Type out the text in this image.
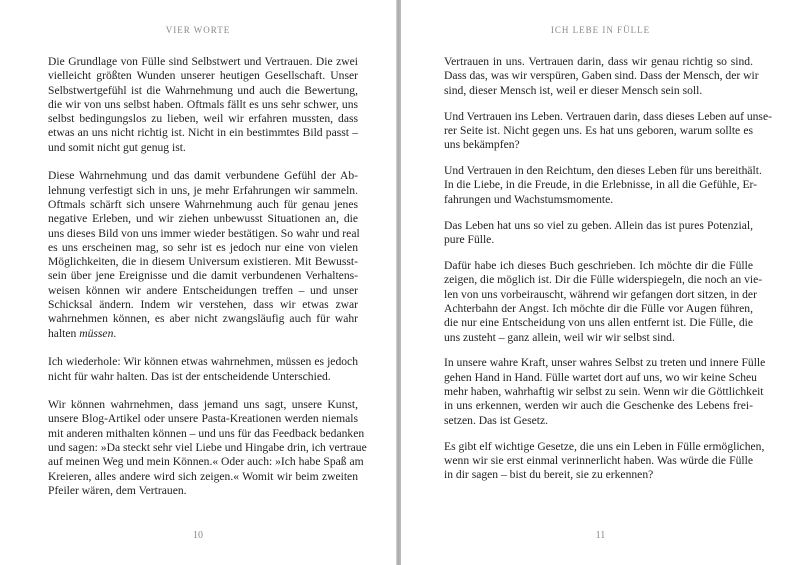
VIER WORTE

Die Grundlage von Fülle sind Selbstwert und Vertrauen. Die zwei
vielleicht größten Wunden unserer heutigen Gesellschaft. Unser
Selbstwertgefühl ist die Wahrnehmung und auch die Bewertung,
die wir von uns selbst haben. Oftmals fällt es uns sehr schwer, uns
selbst bedingungslos zu lieben, weil wir erfahren mussten, dass
etwas an uns nicht richtig ist. Nicht in ein bestimmtes Bild passt –
und somit nicht gut genug ist.

Diese Wahrnehmung und das damit verbundene Gefühl der Ab-
lehnung verfestigt sich in uns, je mehr Erfahrungen wir sammeln.
Oftmals schärft sich unsere Wahrnehmung auch für genau jenes
negative Erleben, und wir ziehen unbewusst Situationen an, die
uns dieses Bild von uns immer wieder bestätigen. So wahr und real
es uns erscheinen mag, so sehr ist es jedoch nur eine von vielen
Möglichkeiten, die in diesem Universum existieren. Mit Bewusst-
sein über jene Ereignisse und die damit verbundenen Verhaltens-
weisen können wir andere Entscheidungen treffen – und unser
Schicksal ändern. Indem wir verstehen, dass wir etwas zwar
wahrnehmen können, es aber nicht zwangsläufig auch für wahr
halten müssen.

Ich wiederhole: Wir können etwas wahrnehmen, müssen es jedoch
nicht für wahr halten. Das ist der entscheidende Unterschied.

Wir können wahrnehmen, dass jemand uns sagt, unsere Kunst,
unsere Blog-Artikel oder unsere Pasta-Kreationen werden niemals
mit anderen mithalten können – und uns für das Feedback bedanken
und sagen: »Da steckt sehr viel Liebe und Hingabe drin, ich vertraue
auf meinen Weg und mein Können.« Oder auch: »Ich habe Spaß am
Kreieren, alles andere wird sich zeigen.« Womit wir beim zweiten
Pfeiler wären, dem Vertrauen.

10
ICH LEBE IN FÜLLE

Vertrauen in uns. Vertrauen darin, dass wir genau richtig so sind.
Dass das, was wir verspüren, Gaben sind. Dass der Mensch, der wir
sind, dieser Mensch ist, weil er dieser Mensch sein soll.

Und Vertrauen ins Leben. Vertrauen darin, dass dieses Leben auf unse-
rer Seite ist. Nicht gegen uns. Es hat uns geboren, warum sollte es
uns bekämpfen?

Und Vertrauen in den Reichtum, den dieses Leben für uns bereithält.
In die Liebe, in die Freude, in die Erlebnisse, in all die Gefühle, Er-
fahrungen und Wachstumsmomente.

Das Leben hat uns so viel zu geben. Allein das ist pures Potenzial,
pure Fülle.

Dafür habe ich dieses Buch geschrieben. Ich möchte dir die Fülle
zeigen, die möglich ist. Dir die Fülle widerspiegeln, die noch an vie-
len von uns vorbeirauscht, während wir gefangen dort sitzen, in der
Achterbahn der Angst. Ich möchte dir die Fülle vor Augen führen,
die nur eine Entscheidung von uns allen entfernt ist. Die Fülle, die
uns zusteht – ganz allein, weil wir wir selbst sind.

In unsere wahre Kraft, unser wahres Selbst zu treten und innere Fülle
gehen Hand in Hand. Fülle wartet dort auf uns, wo wir keine Scheu
mehr haben, wahrhaftig wir selbst zu sein. Wenn wir die Göttlichkeit
in uns erkennen, werden wir auch die Geschenke des Lebens frei-
setzen. Das ist Gesetz.

Es gibt elf wichtige Gesetze, die uns ein Leben in Fülle ermöglichen,
wenn wir sie erst einmal verinnerlicht haben. Was würde die Fülle
in dir sagen – bist du bereit, sie zu erkennen?

11
